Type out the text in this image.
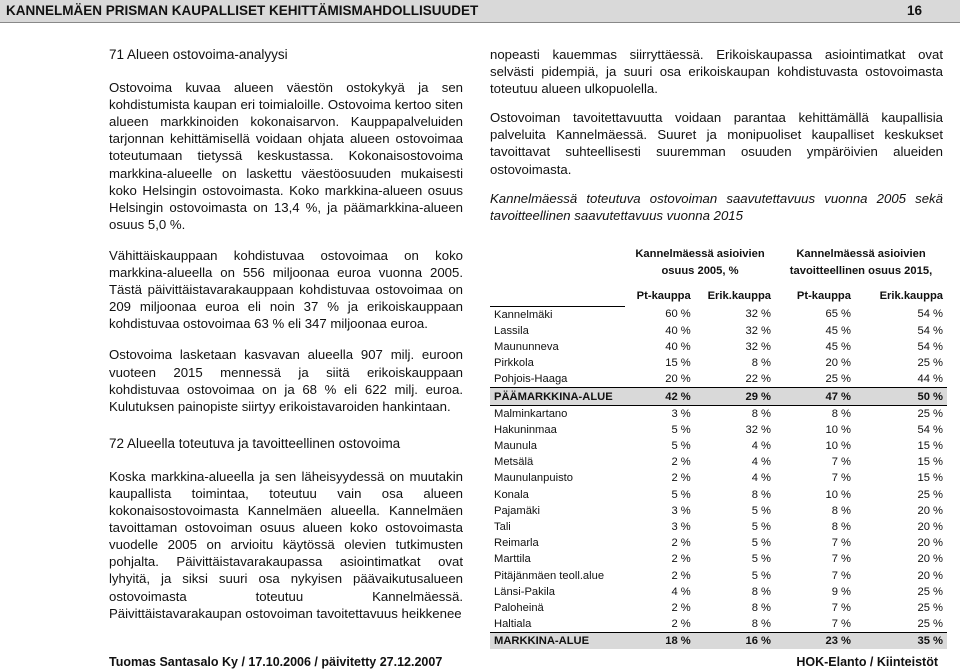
KANNELMÄEN PRISMAN KAUPALLISET KEHITTÄMISMAHDOLLISUUDET	16
71 Alueen ostovoima-analyysi

Ostovoima kuvaa alueen väestön ostokykyä ja sen kohdistumista kaupan eri toimialoille. Ostovoima kertoo siten alueen markkinoiden kokonaisarvon. Kauppapalveluiden tarjonnan kehittämisellä voidaan ohjata alueen ostovoimaa toteutumaan tietyssä keskustassa. Kokonaisostovoima markkina-alueelle on laskettu väestöosuuden mukaisesti koko Helsingin ostovoimasta. Koko markkina-alueen osuus Helsingin ostovoimasta on 13,4 %, ja päämarkkina-alueen osuus 5,0 %.

Vähittäiskauppaan kohdistuvaa ostovoimaa on koko markkina-alueella on 556 miljoonaa euroa vuonna 2005. Tästä päivittäistavarakauppaan kohdistuvaa ostovoimaa on 209 miljoonaa euroa eli noin 37 % ja erikoiskauppaan kohdistuvaa ostovoimaa 63 % eli 347 miljoonaa euroa.

Ostovoima lasketaan kasvavan alueella 907 milj. euroon vuoteen 2015 mennessä ja siitä erikoiskauppaan kohdistuvaa ostovoimaa on ja 68 % eli 622 milj. euroa. Kulutuksen painopiste siirtyy erikoistavaroiden hankintaan.

72 Alueella toteutuva ja tavoitteellinen ostovoima

Koska markkina-alueella ja sen läheisyydessä on muutakin kaupallista toimintaa, toteutuu vain osa alueen kokonaisostovoimasta Kannelmäen alueella. Kannelmäen tavoittaman ostovoiman osuus alueen koko ostovoimasta vuodelle 2005 on arvioitu käytössä olevien tutkimusten pohjalta. Päivittäistavarakaupassa asiointimatkat ovat lyhyitä, ja siksi suuri osa nykyisen päävaikutusalueen ostovoimasta toteutuu Kannelmäessä. Päivittäistavarakaupan ostovoiman tavoitettavuus heikkenee

nopeasti kauemmas siirryttäessä. Erikoiskaupassa asiointimatkat ovat selvästi pidempiä, ja suuri osa erikoiskaupan kohdistuvasta ostovoimasta toteutuu alueen ulkopuolella.

Ostovoiman tavoitettavuutta voidaan parantaa kehittämällä kaupallisia palveluita Kannelmäessä. Suuret ja monipuoliset kaupalliset keskukset tavoittavat suhteellisesti suuremman osuuden ympäröivien alueiden ostovoimasta.

Kannelmäessä toteutuva ostovoiman saavutettavuus vuonna 2005 sekä tavoitteellinen saavutettavuus vuonna 2015

	Kannelmäessä asioivien osuus 2005, %		Kannelmäessä asioivien tavoitteellinen osuus 2015,	
	Pt-kauppa	Erik.kauppa	Pt-kauppa	Erik.kauppa
Kannelmäki	60 %	32 %	65 %	54 %
Lassila	40 %	32 %	45 %	54 %
Maununneva	40 %	32 %	45 %	54 %
Pirkkola	15 %	8 %	20 %	25 %
Pohjois-Haaga	20 %	22 %	25 %	44 %
PÄÄMARKKINA-ALUE	42 %	29 %	47 %	50 %
Malminkartano	3 %	8 %	8 %	25 %
Hakuninmaa	5 %	32 %	10 %	54 %
Maunula	5 %	4 %	10 %	15 %
Metsälä	2 %	4 %	7 %	15 %
Maunulanpuisto	2 %	4 %	7 %	15 %
Konala	5 %	8 %	10 %	25 %
Pajamäki	3 %	5 %	8 %	20 %
Tali	3 %	5 %	8 %	20 %
Reimarla	2 %	5 %	7 %	20 %
Marttila	2 %	5 %	7 %	20 %
Pitäjänmäen teoll.alue	2 %	5 %	7 %	20 %
Länsi-Pakila	4 %	8 %	9 %	25 %
Paloheinä	2 %	8 %	7 %	25 %
Haltiala	2 %	8 %	7 %	25 %
MARKKINA-ALUE	18 %	16 %	23 %	35 %
Tuomas Santasalo Ky / 17.10.2006 / päivitetty 27.12.2007	HOK-Elanto / Kiinteistöt
